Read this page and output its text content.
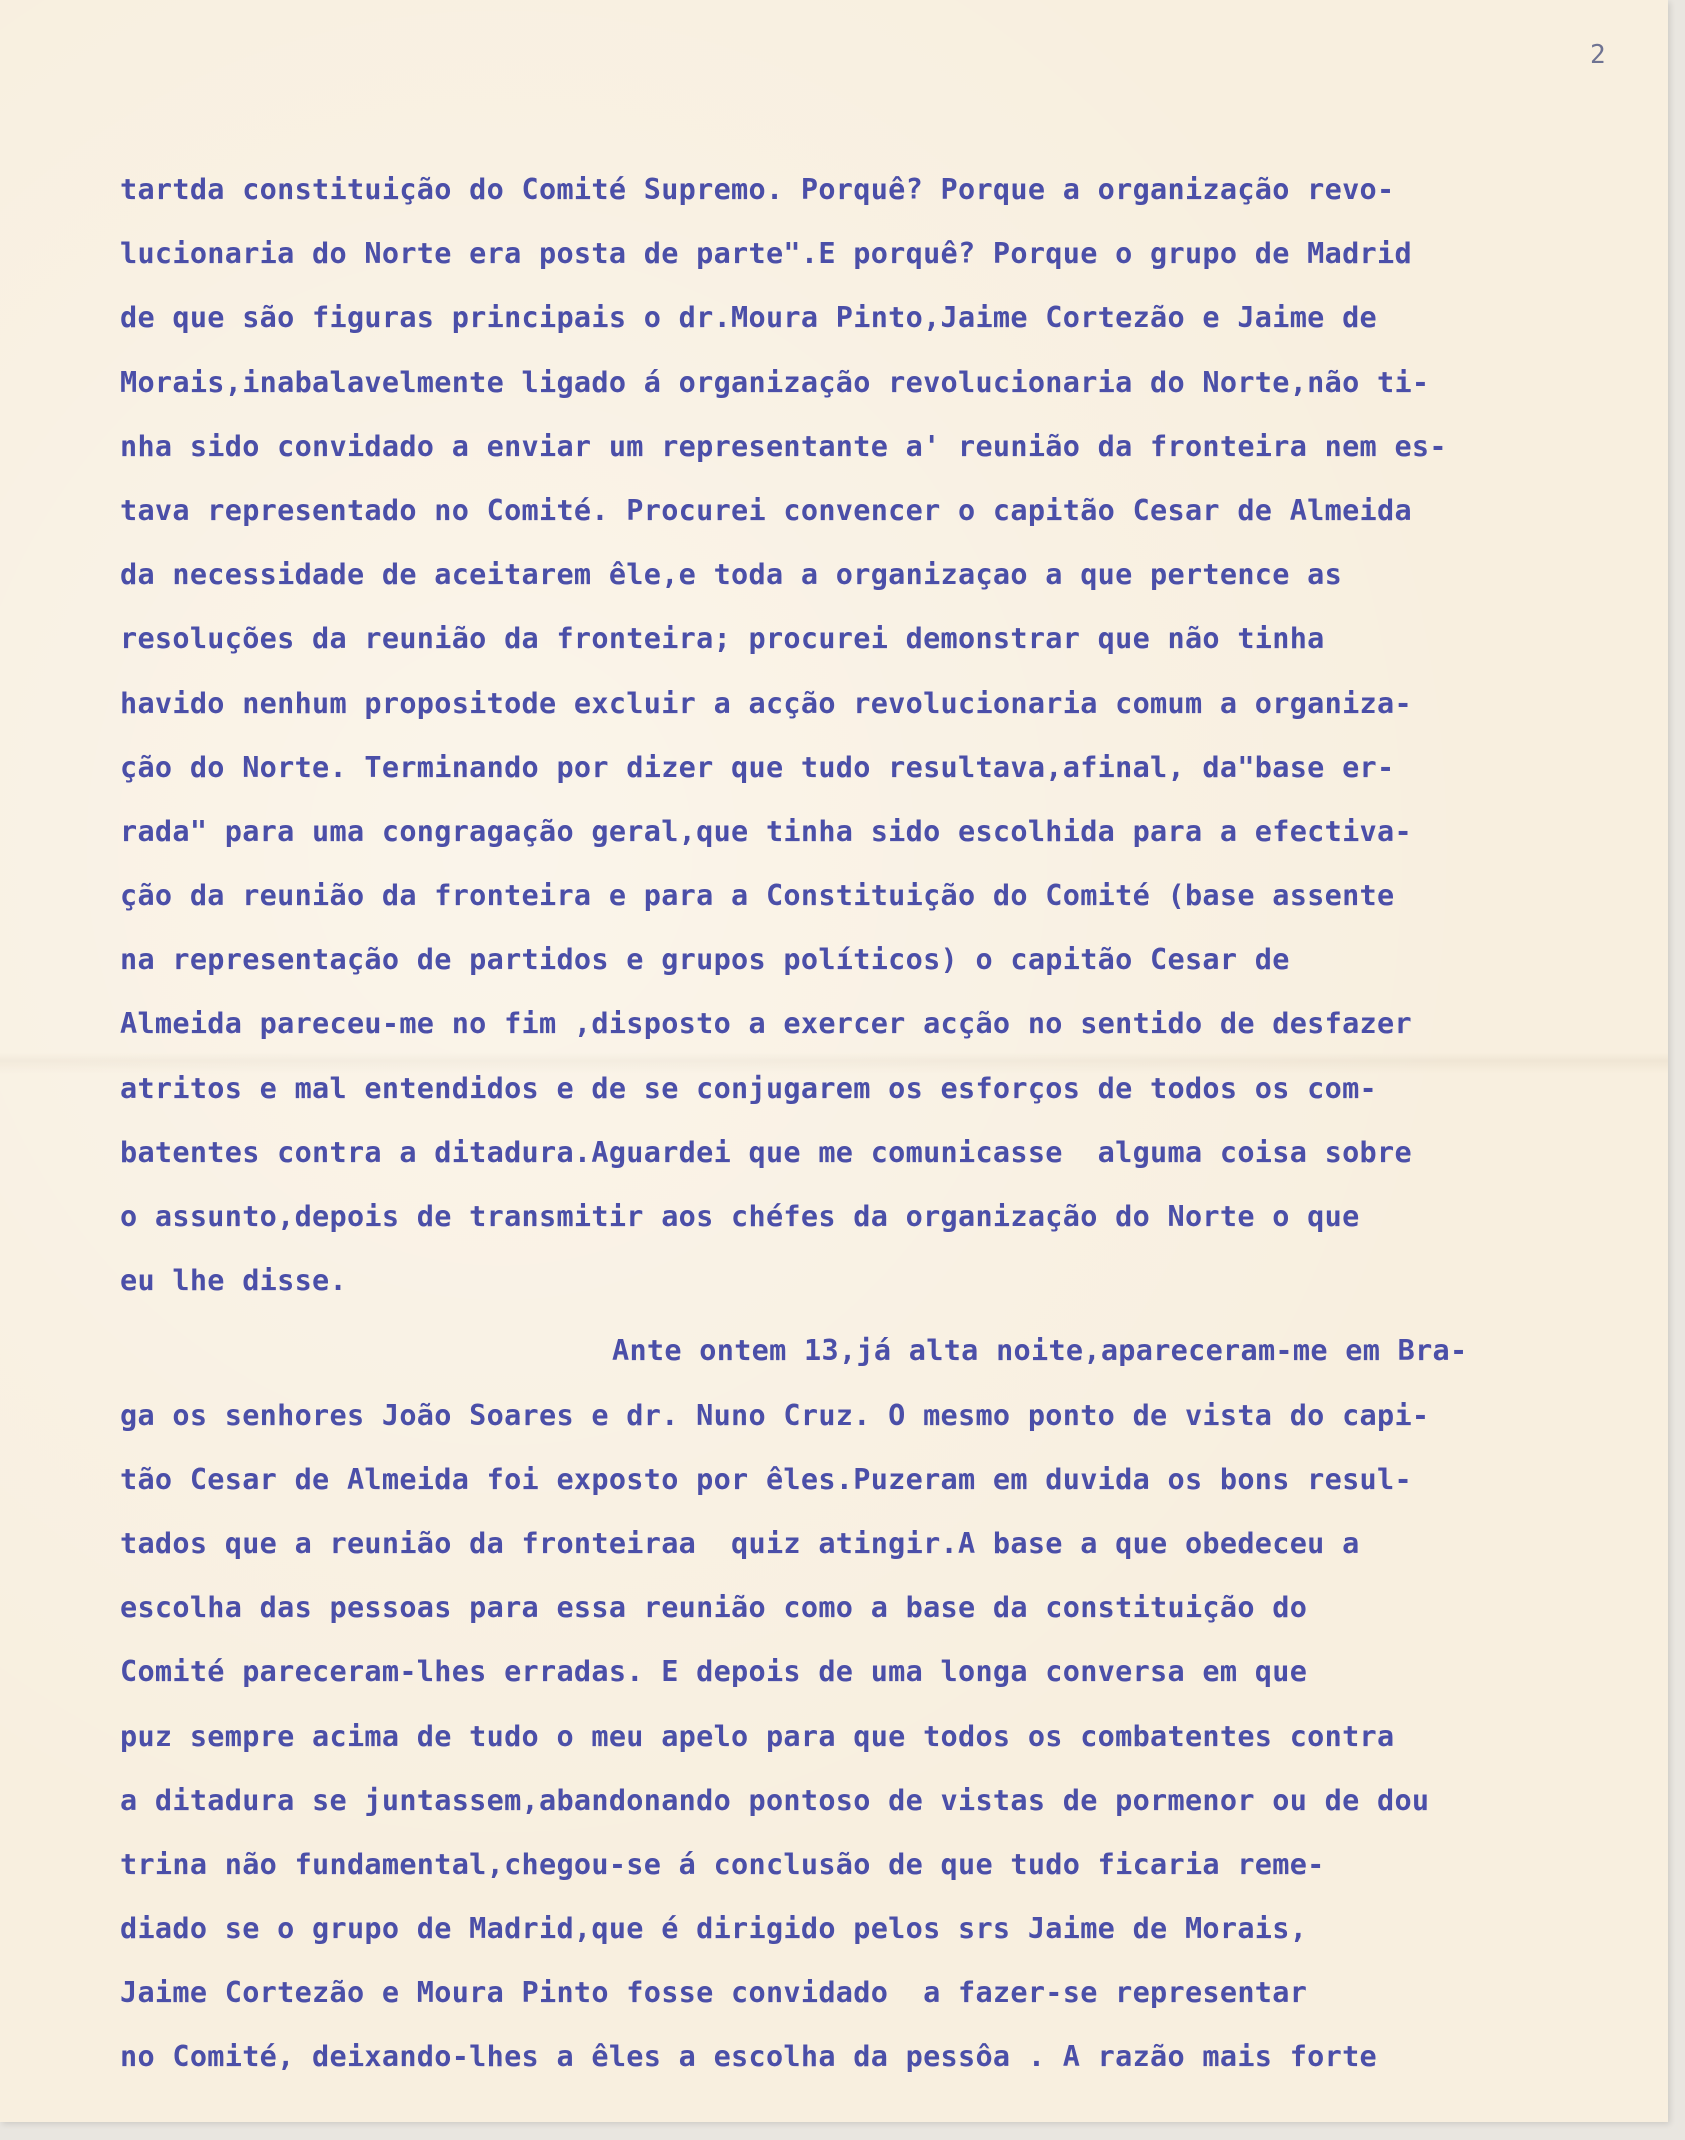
2
tartda constituição do Comité Supremo. Porquê? Porque a organização revo-
lucionaria do Norte era posta de parte".E porquê? Porque o grupo de Madrid
de que são figuras principais o dr.Moura Pinto,Jaime Cortezão e Jaime de
Morais,inabalavelmente ligado á organização revolucionaria do Norte,não ti-
nha sido convidado a enviar um representante a' reunião da fronteira nem es-
tava representado no Comité. Procurei convencer o capitão Cesar de Almeida
da necessidade de aceitarem êle,e toda a organizaçao a que pertence as
resoluções da reunião da fronteira; procurei demonstrar que não tinha
havido nenhum propositode excluir a acção revolucionaria comum a organiza-
ção do Norte. Terminando por dizer que tudo resultava,afinal, da"base er-
rada" para uma congragação geral,que tinha sido escolhida para a efectiva-
ção da reunião da fronteira e para a Constituição do Comité (base assente
na representação de partidos e grupos políticos) o capitão Cesar de
Almeida pareceu-me no fim ,disposto a exercer acção no sentido de desfazer
atritos e mal entendidos e de se conjugarem os esforços de todos os com-
batentes contra a ditadura.Aguardei que me comunicasse  alguma coisa sobre
o assunto,depois de transmitir aos chéfes da organização do Norte o que
eu lhe disse.
Ante ontem 13,já alta noite,apareceram-me em Bra-
ga os senhores João Soares e dr. Nuno Cruz. O mesmo ponto de vista do capi-
tão Cesar de Almeida foi exposto por êles.Puzeram em duvida os bons resul-
tados que a reunião da fronteiraa  quiz atingir.A base a que obedeceu a
escolha das pessoas para essa reunião como a base da constituição do
Comité pareceram-lhes erradas. E depois de uma longa conversa em que
puz sempre acima de tudo o meu apelo para que todos os combatentes contra
a ditadura se juntassem,abandonando pontoso de vistas de pormenor ou de dou
trina não fundamental,chegou-se á conclusão de que tudo ficaria reme-
diado se o grupo de Madrid,que é dirigido pelos srs Jaime de Morais,
Jaime Cortezão e Moura Pinto fosse convidado  a fazer-se representar
no Comité, deixando-lhes a êles a escolha da pessôa . A razão mais forte
